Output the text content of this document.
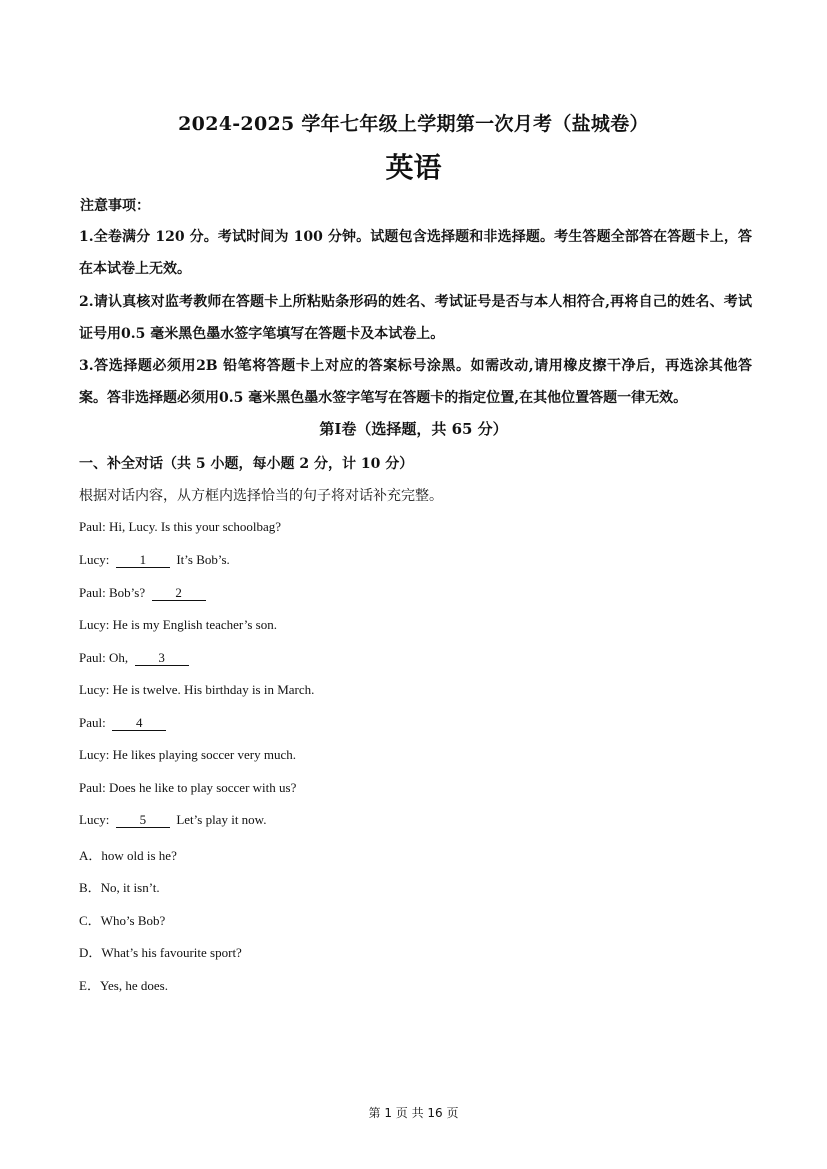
2024-2025 学年七年级上学期第一次月考（盐城卷）
英语
注意事项：
1.全卷满分 120 分。考试时间为 100 分钟。试题包含选择题和非选择题。考生答题全部答在答题卡上，答在本试卷上无效。
2.请认真核对监考教师在答题卡上所粘贴条形码的姓名、考试证号是否与本人相符合,再将自己的姓名、考试证号用0.5 毫米黑色墨水签字笔填写在答题卡及本试卷上。
3.答选择题必须用2B 铅笔将答题卡上对应的答案标号涂黑。如需改动,请用橡皮擦干净后，再选涂其他答案。答非选择题必须用0.5 毫米黑色墨水签字笔写在答题卡的指定位置,在其他位置答题一律无效。
第Ⅰ卷（选择题，共 65 分）
一、补全对话（共 5 小题，每小题 2 分，计 10 分）
根据对话内容，从方框内选择恰当的句子将对话补充完整。
Paul: Hi, Lucy. Is this your schoolbag?
Lucy: 1  It’s Bob’s.
Paul: Bob’s?  2
Lucy: He is my English teacher’s son.
Paul: Oh,  3
Lucy: He is twelve. His birthday is in March.
Paul: 4
Lucy: He likes playing soccer very much.
Paul: Does he like to play soccer with us?
Lucy: 5  Let’s play it now.
A．how old is he?
B．No, it isn’t.
C．Who’s Bob?
D．What’s his favourite sport?
E．Yes, he does.
第 1 页 共 16 页
